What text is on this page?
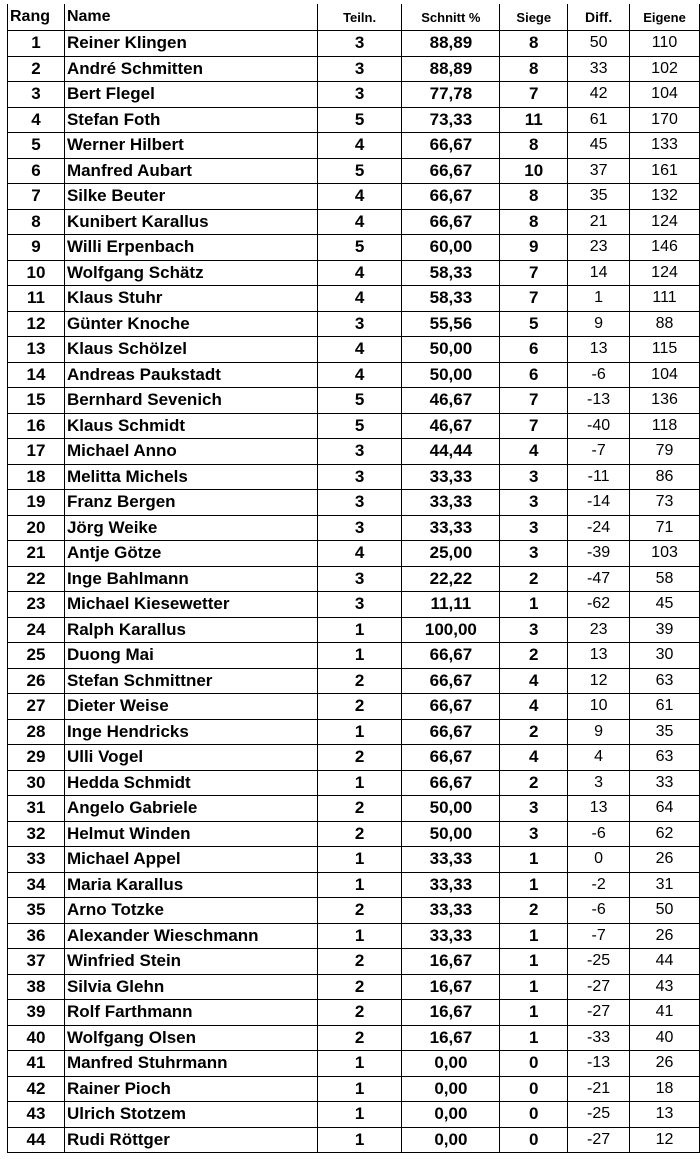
Rang	Name	Teiln.	Schnitt %	Siege	Diff.	Eigene
1	Reiner Klingen	3	88,89	8	50	110
2	André Schmitten	3	88,89	8	33	102
3	Bert Flegel	3	77,78	7	42	104
4	Stefan Foth	5	73,33	11	61	170
5	Werner Hilbert	4	66,67	8	45	133
6	Manfred Aubart	5	66,67	10	37	161
7	Silke Beuter	4	66,67	8	35	132
8	Kunibert Karallus	4	66,67	8	21	124
9	Willi Erpenbach	5	60,00	9	23	146
10	Wolfgang Schätz	4	58,33	7	14	124
11	Klaus Stuhr	4	58,33	7	1	111
12	Günter Knoche	3	55,56	5	9	88
13	Klaus Schölzel	4	50,00	6	13	115
14	Andreas Paukstadt	4	50,00	6	-6	104
15	Bernhard Sevenich	5	46,67	7	-13	136
16	Klaus Schmidt	5	46,67	7	-40	118
17	Michael Anno	3	44,44	4	-7	79
18	Melitta Michels	3	33,33	3	-11	86
19	Franz Bergen	3	33,33	3	-14	73
20	Jörg Weike	3	33,33	3	-24	71
21	Antje Götze	4	25,00	3	-39	103
22	Inge Bahlmann	3	22,22	2	-47	58
23	Michael Kiesewetter	3	11,11	1	-62	45
24	Ralph Karallus	1	100,00	3	23	39
25	Duong Mai	1	66,67	2	13	30
26	Stefan Schmittner	2	66,67	4	12	63
27	Dieter Weise	2	66,67	4	10	61
28	Inge Hendricks	1	66,67	2	9	35
29	Ulli Vogel	2	66,67	4	4	63
30	Hedda Schmidt	1	66,67	2	3	33
31	Angelo Gabriele	2	50,00	3	13	64
32	Helmut Winden	2	50,00	3	-6	62
33	Michael Appel	1	33,33	1	0	26
34	Maria Karallus	1	33,33	1	-2	31
35	Arno Totzke	2	33,33	2	-6	50
36	Alexander Wieschmann	1	33,33	1	-7	26
37	Winfried Stein	2	16,67	1	-25	44
38	Silvia Glehn	2	16,67	1	-27	43
39	Rolf Farthmann	2	16,67	1	-27	41
40	Wolfgang Olsen	2	16,67	1	-33	40
41	Manfred Stuhrmann	1	0,00	0	-13	26
42	Rainer Pioch	1	0,00	0	-21	18
43	Ulrich Stotzem	1	0,00	0	-25	13
44	Rudi Röttger	1	0,00	0	-27	12
